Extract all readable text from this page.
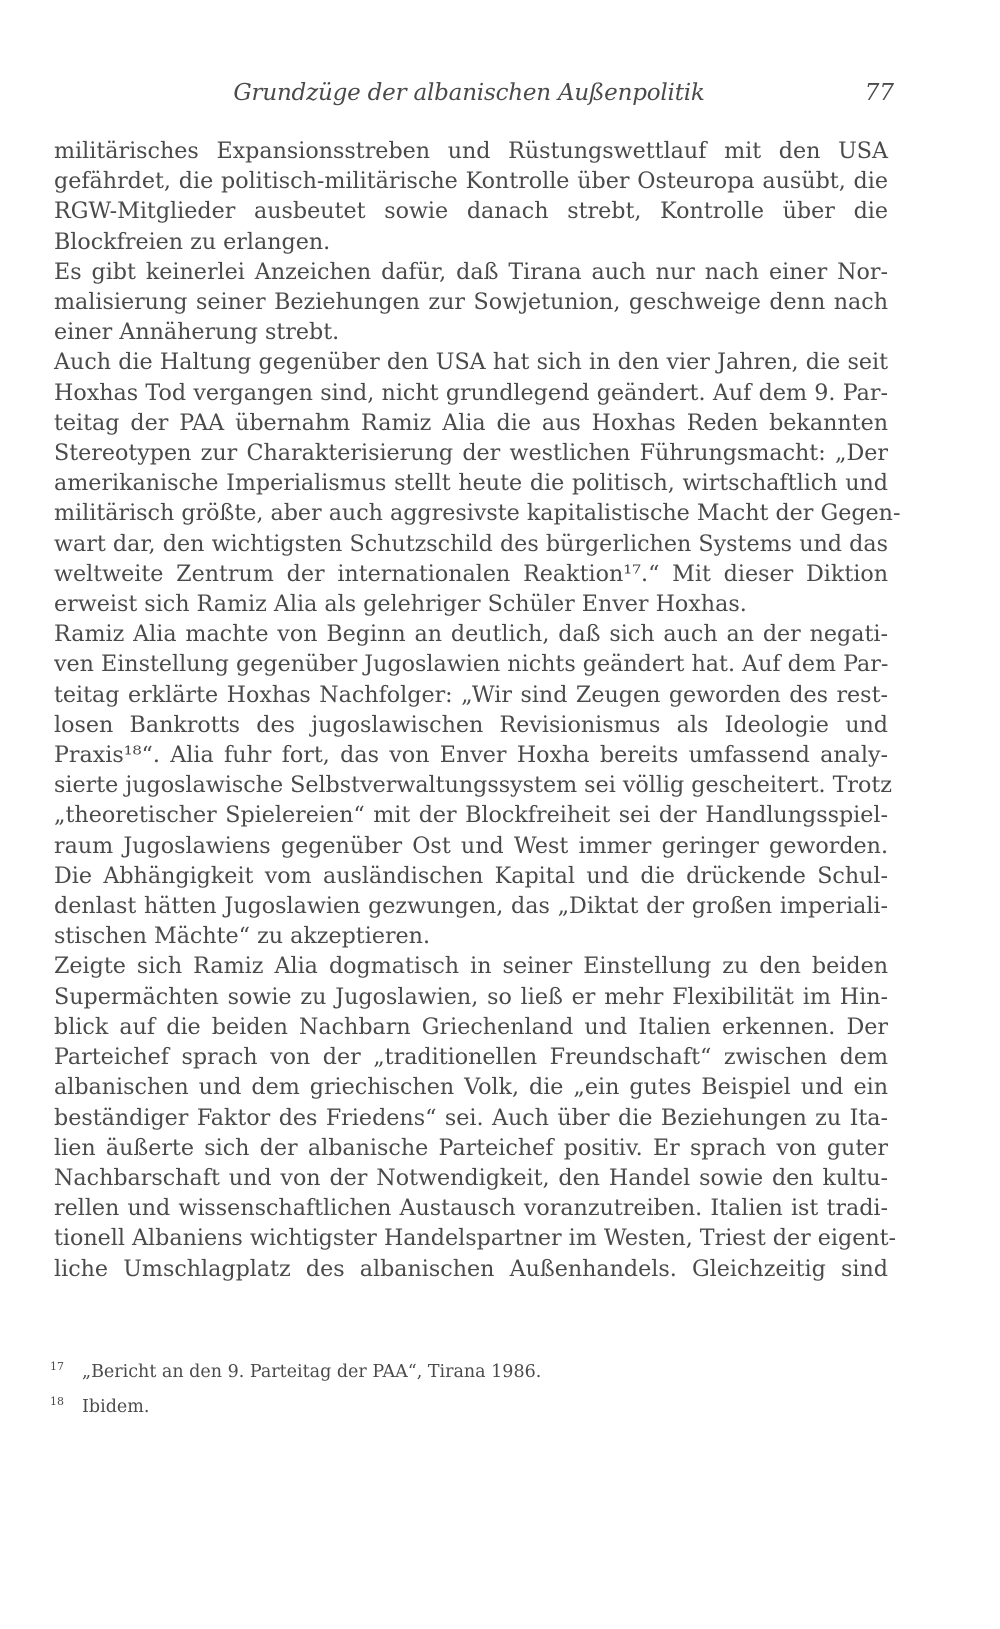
Grundzüge der albanischen Außenpolitik	77

militärisches Expansionsstreben und Rüstungswettlauf mit den USA
gefährdet, die politisch-militärische Kontrolle über Osteuropa ausübt, die
RGW-Mitglieder ausbeutet sowie danach strebt, Kontrolle über die
Blockfreien zu erlangen.

Es gibt keinerlei Anzeichen dafür, daß Tirana auch nur nach einer Nor-
malisierung seiner Beziehungen zur Sowjetunion, geschweige denn nach
einer Annäherung strebt.

Auch die Haltung gegenüber den USA hat sich in den vier Jahren, die seit
Hoxhas Tod vergangen sind, nicht grundlegend geändert. Auf dem 9. Par-
teitag der PAA übernahm Ramiz Alia die aus Hoxhas Reden bekannten
Stereotypen zur Charakterisierung der westlichen Führungsmacht: „Der
amerikanische Imperialismus stellt heute die politisch, wirtschaftlich und
militärisch größte, aber auch aggresivste kapitalistische Macht der Gegen-
wart dar, den wichtigsten Schutzschild des bürgerlichen Systems und das
weltweite Zentrum der internationalen Reaktion¹⁷.“ Mit dieser Diktion
erweist sich Ramiz Alia als gelehriger Schüler Enver Hoxhas.

Ramiz Alia machte von Beginn an deutlich, daß sich auch an der negati-
ven Einstellung gegenüber Jugoslawien nichts geändert hat. Auf dem Par-
teitag erklärte Hoxhas Nachfolger: „Wir sind Zeugen geworden des rest-
losen Bankrotts des jugoslawischen Revisionismus als Ideologie und
Praxis¹⁸“. Alia fuhr fort, das von Enver Hoxha bereits umfassend analy-
sierte jugoslawische Selbstverwaltungssystem sei völlig gescheitert. Trotz
„theoretischer Spielereien“ mit der Blockfreiheit sei der Handlungsspiel-
raum Jugoslawiens gegenüber Ost und West immer geringer geworden.
Die Abhängigkeit vom ausländischen Kapital und die drückende Schul-
denlast hätten Jugoslawien gezwungen, das „Diktat der großen imperiali-
stischen Mächte“ zu akzeptieren.

Zeigte sich Ramiz Alia dogmatisch in seiner Einstellung zu den beiden
Supermächten sowie zu Jugoslawien, so ließ er mehr Flexibilität im Hin-
blick auf die beiden Nachbarn Griechenland und Italien erkennen. Der
Parteichef sprach von der „traditionellen Freundschaft“ zwischen dem
albanischen und dem griechischen Volk, die „ein gutes Beispiel und ein
beständiger Faktor des Friedens“ sei. Auch über die Beziehungen zu Ita-
lien äußerte sich der albanische Parteichef positiv. Er sprach von guter
Nachbarschaft und von der Notwendigkeit, den Handel sowie den kultu-
rellen und wissenschaftlichen Austausch voranzutreiben. Italien ist tradi-
tionell Albaniens wichtigster Handelspartner im Westen, Triest der eigent-
liche Umschlagplatz des albanischen Außenhandels. Gleichzeitig sind

17 „Bericht an den 9. Parteitag der PAA“, Tirana 1986.
18 Ibidem.
